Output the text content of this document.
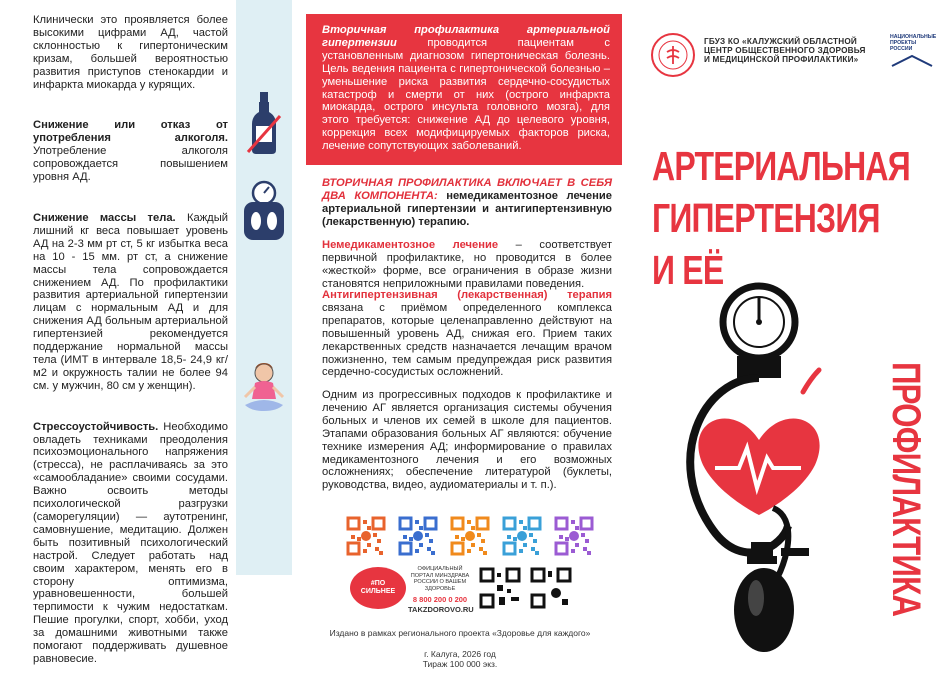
Клинически это проявляется более высокими цифрами АД, частой склонностью к гипертоническим кризам, большей вероятностью развития приступов стенокардии и инфаркта миокарда у курящих.

Снижение или отказ от употребления алкоголя. Употребление алкоголя сопровождается повышением уровня АД.

Снижение массы тела. Каждый лишний кг веса повышает уровень АД на 2-3 мм рт ст, 5 кг избытка веса на 10 - 15 мм. рт ст, а снижение массы тела сопровождается снижением АД. По профилактики развития артериальной гипертензии лицам с нормальным АД и для снижения АД больным артериальной гипертензией рекомендуется поддержание нормальной массы тела (ИМТ в интервале 18,5- 24,9 кг/м2 и окружность талии не более 94 см. у мужчин, 80 см у женщин).

Стрессоустойчивость. Необходимо овладеть техниками преодоления психоэмоционального напряжения (стресса), не расплачиваясь за это «самообладание» своими сосудами. Важно освоить методы психологической разгрузки (саморегуляции) — аутотренинг, самовнушение, медитацию. Должен быть позитивный психологический настрой. Следует работать над своим характером, менять его в сторону оптимизма, уравновешенности, большей терпимости к чужим недостаткам. Пешие прогулки, спорт, хобби, уход за домашними животными также помогают поддерживать душевное равновесие.

Вторичная профилактика артериальной гипертензии проводится пациентам с установленным диагнозом гипертоническая болезнь. Цель ведения пациента с гипертонической болезнью – уменьшение риска развития сердечно-сосудистых катастроф и смерти от них (острого инфаркта миокарда, острого инсульта головного мозга), для этого требуется: снижение АД до целевого уровня, коррекция всех модифицируемых факторов риска, лечение сопутствующих заболеваний.
ВТОРИЧНАЯ ПРОФИЛАКТИКА ВКЛЮЧАЕТ В СЕБЯ ДВА КОМПОНЕНТА: немедикаментозное лечение артериальной гипертензии и антигипертензивную (лекарственную) терапию.
Немедикаментозное лечение – соответствует первичной профилактике, но проводится в более «жесткой» форме, все ограничения в образе жизни становятся неприложными правилами поведения.
Антигипертензивная (лекарственная) терапия связана с приёмом определенного комплекса препаратов, которые целенаправленно действуют на повышенный уровень АД, снижая его. Прием таких лекарственных средств назначается лечащим врачом пожизненно, тем самым предупреждая риск развития сердечно-сосудистых осложнений.
Одним из прогрессивных подходов к профилактике и лечению АГ является организация системы обучения больных и членов их семей в школе для пациентов. Этапами образования больных АГ являются: обучение технике измерения АД; информирование о правилах медикаментозного лечения и его возможных осложнениях; обеспечение литературой (буклеты, руководства, видео, аудиоматериалы и т. п.).
#ПО СИЛЬНЕЕ
ОФИЦИАЛЬНЫЙ ПОРТАЛ МИНЗДРАВА РОССИИ О ВАШЕМ ЗДОРОВЬЕ
8 800 200 0 200
TAKZDOROVO.RU
Издано в рамках регионального проекта «Здоровье для каждого»
г. Калуга, 2026 год
Тираж 100 000 экз.
ГБУЗ КО «КАЛУЖСКИЙ ОБЛАСТНОЙ
ЦЕНТР ОБЩЕСТВЕННОГО ЗДОРОВЬЯ
И МЕДИЦИНСКОЙ ПРОФИЛАКТИКИ»
НАЦИОНАЛЬНЫЕ ПРОЕКТЫ РОССИИ
АРТЕРИАЛЬНАЯ
ГИПЕРТЕНЗИЯ
И ЕЁ
ПРОФИЛАКТИКА
